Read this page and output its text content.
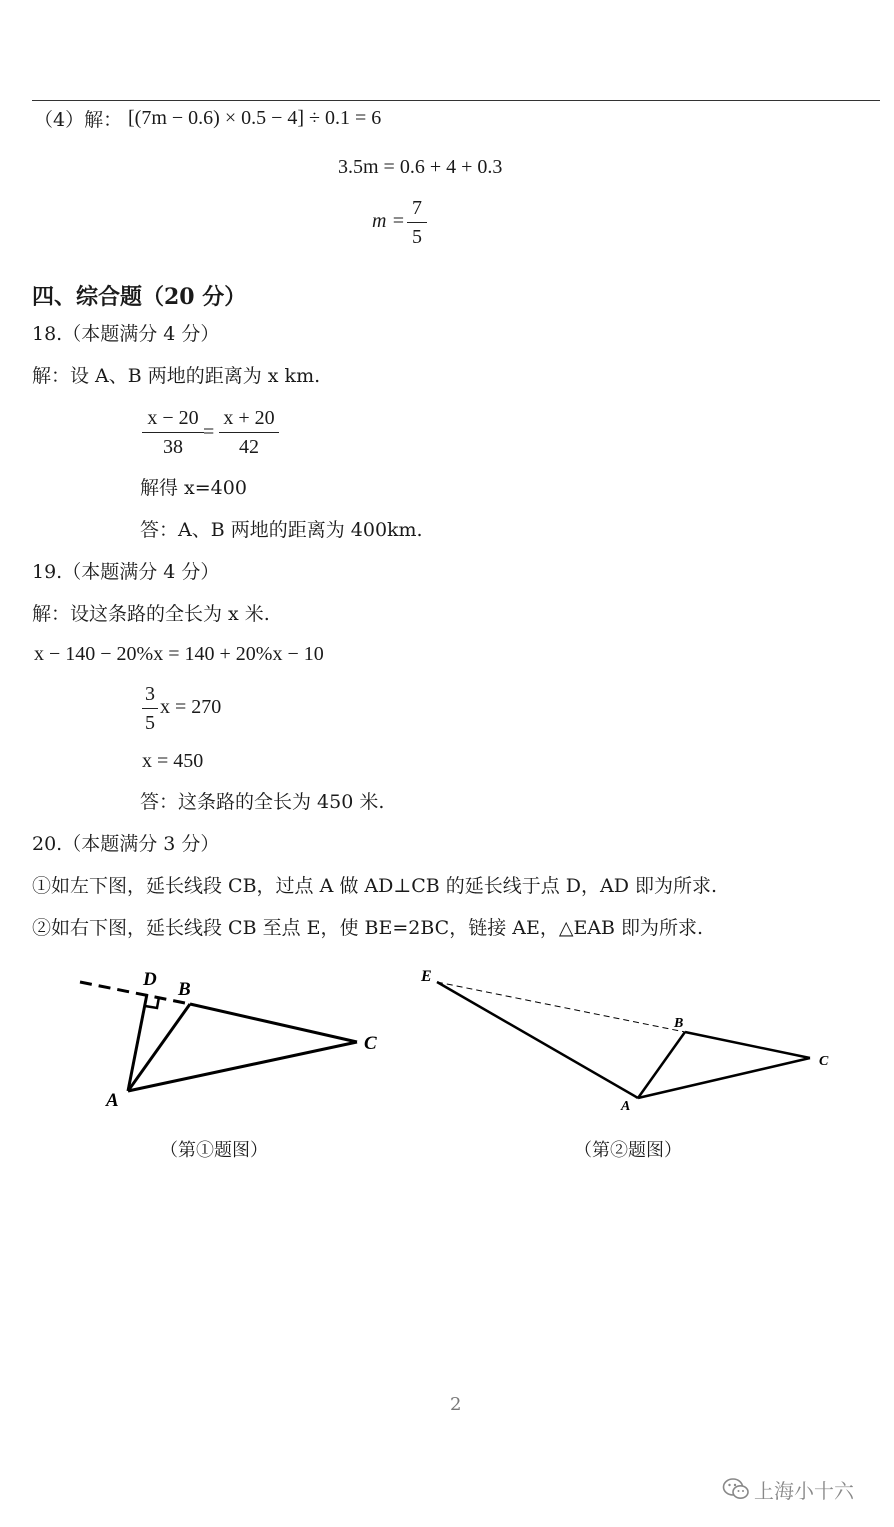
（4）解： [(7m − 0.6) × 0.5 − 4] ÷ 0.1 = 6
3.5m = 0.6 + 4 + 0.3
m =
7
5
四、综合题（20 分）
18.（本题满分 4 分）
解：设 A、B 两地的距离为 x km.
x − 20
38
=
x + 20
42
解得 x=400
答：A、B 两地的距离为 400km.
19.（本题满分 4 分）
解：设这条路的全长为 x 米.
x − 140 − 20%x = 140 + 20%x − 10
3
5
x = 270
x = 450
答：这条路的全长为 450 米.
20.（本题满分 3 分）
①如左下图，延长线段 CB，过点 A 做 AD⊥CB 的延长线于点 D，AD 即为所求.
②如右下图，延长线段 CB 至点 E，使 BE=2BC，链接 AE，△EAB 即为所求.
D B
C
A
（第①题图）
E
B
C
A
（第②题图）
2
上海小十六
